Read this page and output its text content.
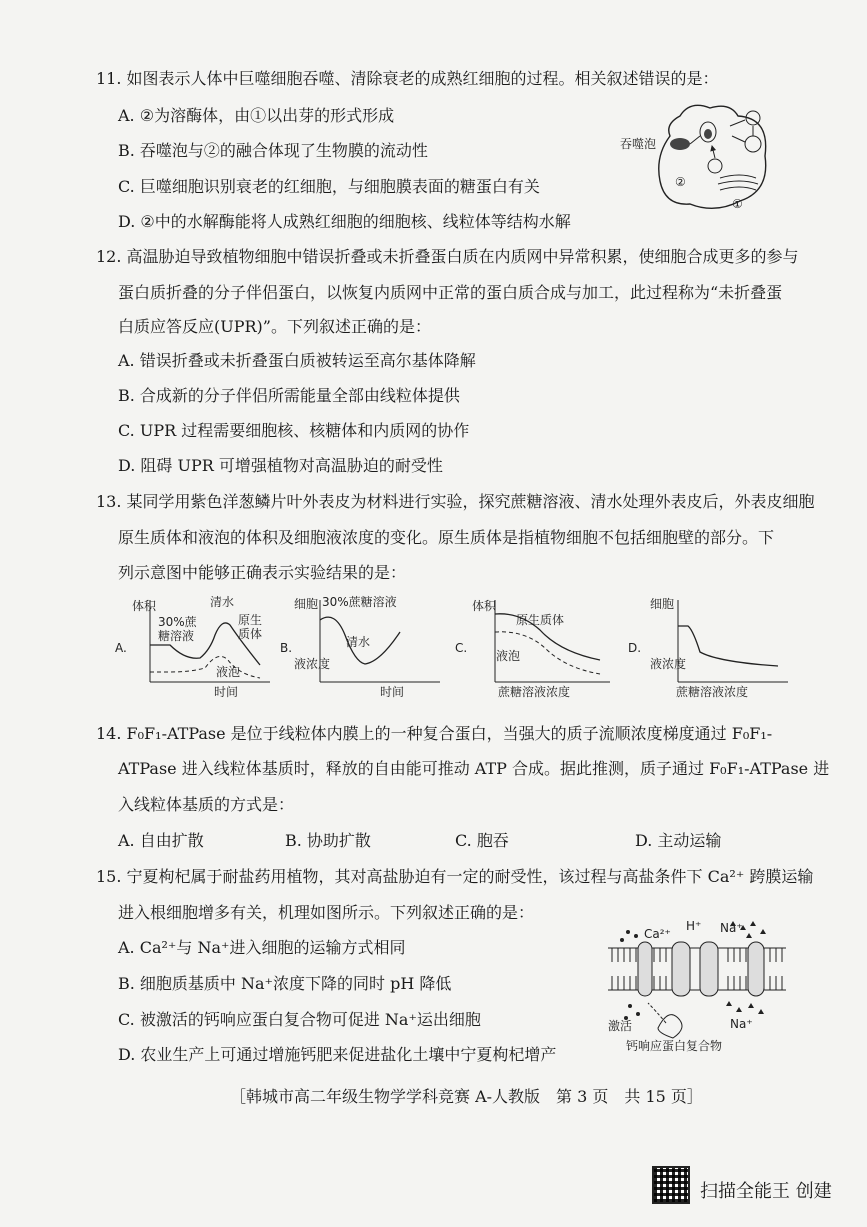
11. 如图表示人体中巨噬细胞吞噬、清除衰老的成熟红细胞的过程。相关叙述错误的是：
A. ②为溶酶体，由①以出芽的形式形成
B. 吞噬泡与②的融合体现了生物膜的流动性
C. 巨噬细胞识别衰老的红细胞，与细胞膜表面的糖蛋白有关
D. ②中的水解酶能将人成熟红细胞的细胞核、线粒体等结构水解
吞噬泡
②
①
12. 高温胁迫导致植物细胞中错误折叠或未折叠蛋白质在内质网中异常积累，使细胞合成更多的参与
蛋白质折叠的分子伴侣蛋白，以恢复内质网中正常的蛋白质合成与加工，此过程称为“未折叠蛋
白质应答反应(UPR)”。下列叙述正确的是：
A. 错误折叠或未折叠蛋白质被转运至高尔基体降解
B. 合成新的分子伴侣所需能量全部由线粒体提供
C. UPR 过程需要细胞核、核糖体和内质网的协作
D. 阻碍 UPR 可增强植物对高温胁迫的耐受性
13. 某同学用紫色洋葱鳞片叶外表皮为材料进行实验，探究蔗糖溶液、清水处理外表皮后，外表皮细胞
原生质体和液泡的体积及细胞液浓度的变化。原生质体是指植物细胞不包括细胞壁的部分。下
列示意图中能够正确表示实验结果的是：
A.
体积
30%蔗
糖溶液
清水
原生
质体
液泡
时间
B.
细胞
液浓度
30%蔗糖溶液
清水
时间
C.
体积
原生质体
液泡
蔗糖溶液浓度
D.
细胞
液浓度
蔗糖溶液浓度
14. F₀F₁-ATPase 是位于线粒体内膜上的一种复合蛋白，当强大的质子流顺浓度梯度通过 F₀F₁-
ATPase 进入线粒体基质时，释放的自由能可推动 ATP 合成。据此推测，质子通过 F₀F₁-ATPase 进
入线粒体基质的方式是：
A. 自由扩散	B. 协助扩散	C. 胞吞	D. 主动运输
15. 宁夏枸杞属于耐盐药用植物，其对高盐胁迫有一定的耐受性，该过程与高盐条件下 Ca²⁺ 跨膜运输
进入根细胞增多有关，机理如图所示。下列叙述正确的是：
A. Ca²⁺与 Na⁺进入细胞的运输方式相同
B. 细胞质基质中 Na⁺浓度下降的同时 pH 降低
C. 被激活的钙响应蛋白复合物可促进 Na⁺运出细胞
D. 农业生产上可通过增施钙肥来促进盐化土壤中宁夏枸杞增产
Ca²⁺
H⁺ Na⁺
Na⁺
激活
钙响应蛋白复合物
［韩城市高二年级生物学学科竞赛 A-人教版　第 3 页　共 15 页］
扫描全能王 创建
